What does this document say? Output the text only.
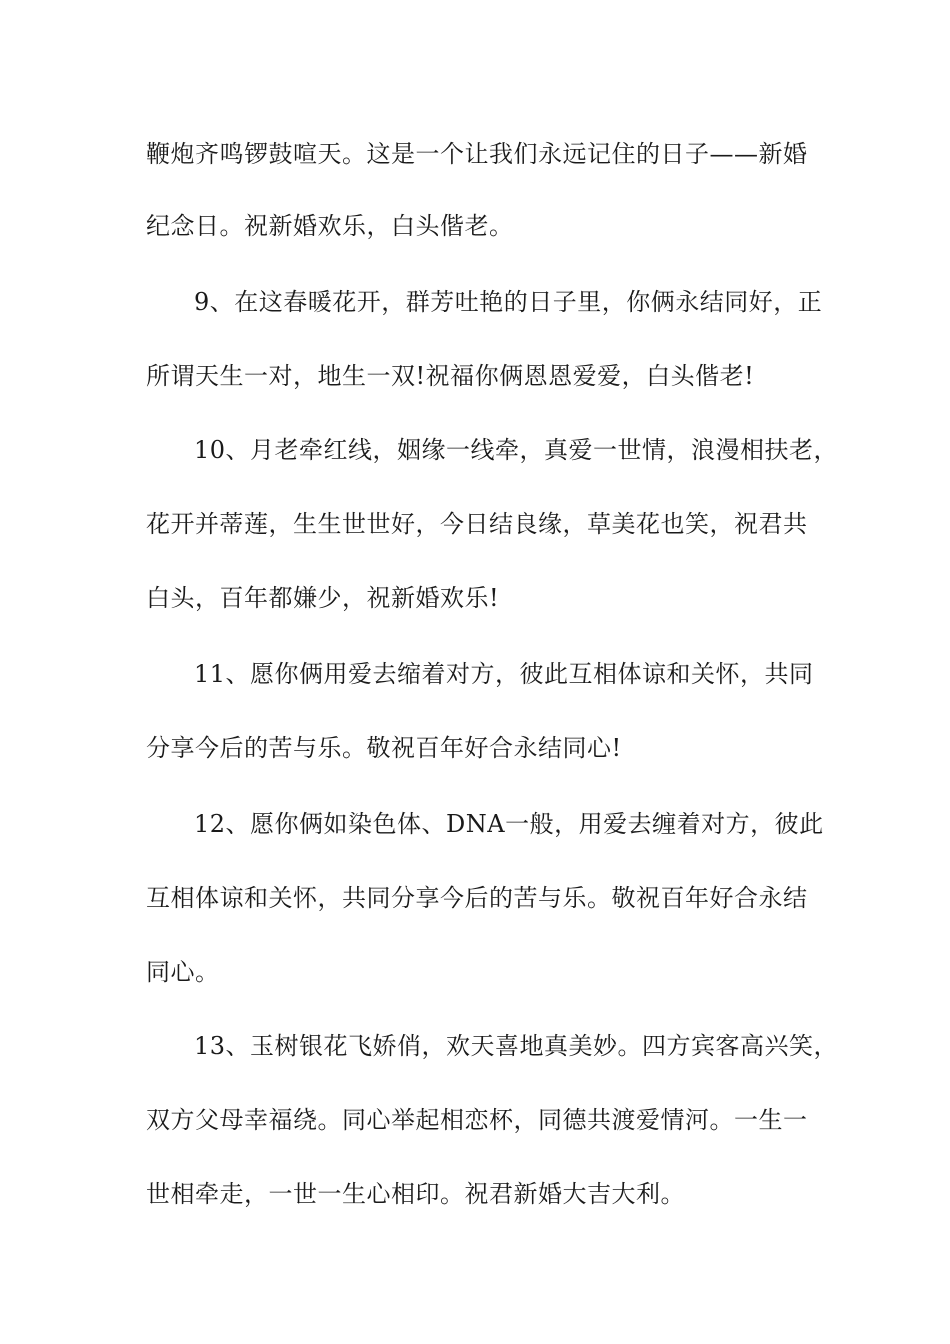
鞭炮齐鸣锣鼓喧天。这是一个让我们永远记住的日子——新婚
纪念日。祝新婚欢乐，白头偕老。
9、在这春暖花开，群芳吐艳的日子里，你俩永结同好，正
所谓天生一对，地生一双!祝福你俩恩恩爱爱，白头偕老!
10、月老牵红线，姻缘一线牵，真爱一世情，浪漫相扶老，
花开并蒂莲，生生世世好，今日结良缘，草美花也笑，祝君共
白头，百年都嫌少，祝新婚欢乐!
11、愿你俩用爱去缩着对方，彼此互相体谅和关怀，共同
分享今后的苦与乐。敬祝百年好合永结同心!
12、愿你俩如染色体、DNA一般，用爱去缠着对方，彼此
互相体谅和关怀，共同分享今后的苦与乐。敬祝百年好合永结
同心。
13、玉树银花飞娇俏，欢天喜地真美妙。四方宾客高兴笑，
双方父母幸福绕。同心举起相恋杯，同德共渡爱情河。一生一
世相牵走，一世一生心相印。祝君新婚大吉大利。
